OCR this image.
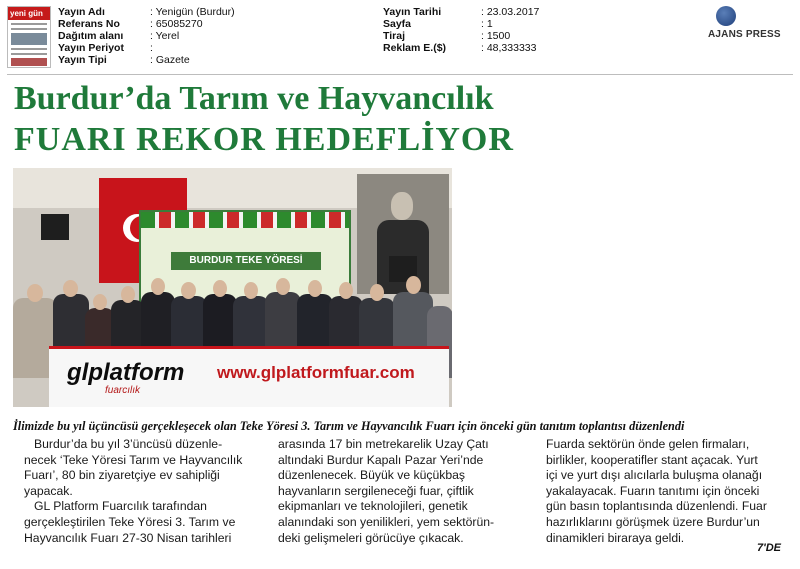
yeni gün	Yayın Adı	: Yenigün (Burdur)
Referans No	: 65085270
Dağıtım alanı	: Yerel
Yayın Periyot :
Yayın Tipi	: Gazete
Yayın Tarihi	: 23.03.2017
Sayfa	: 1
Tiraj	: 1500
Reklam E.($)	: 48,333333
AJANS PRESS
Burdur’da Tarım ve Hayvancılık
FUARI REKOR HEDEFLİYOR
BURDUR TEKE YÖRESİ
glplatform
fuarcılık
www.glplatformfuar.com
İlimizde bu yıl üçüncüsü gerçekleşecek olan Teke Yöresi 3. Tarım ve Hayvancılık Fuarı için önceki gün tanıtım toplantısı düzenlendi
Burdur’da bu yıl 3’üncüsü düzenle-
necek ‘Teke Yöresi Tarım ve Hayvancılık
Fuarı’, 80 bin ziyaretçiye ev sahipliği
yapacak.
GL Platform Fuarcılık tarafından
gerçekleştirilen Teke Yöresi 3. Tarım ve
Hayvancılık Fuarı 27-30 Nisan tarihleri
arasında 17 bin metrekarelik Uzay Çatı
altındaki Burdur Kapalı Pazar Yeri’nde
düzenlenecek. Büyük ve küçükbaş
hayvanların sergileneceği fuar, çiftlik
ekipmanları ve teknolojileri, genetik
alanındaki son yenilikleri, yem sektörün-
deki gelişmeleri görücüye çıkacak.
Fuarda sektörün önde gelen firmaları,
birlikler, kooperatifler stant açacak. Yurt
içi ve yurt dışı alıcılarla buluşma olanağı
yakalayacak. Fuarın tanıtımı için önceki
gün basın toplantısında düzenlendi. Fuar
hazırlıklarını görüşmek üzere Burdur’un
dinamikleri biraraya geldi.
7'DE
